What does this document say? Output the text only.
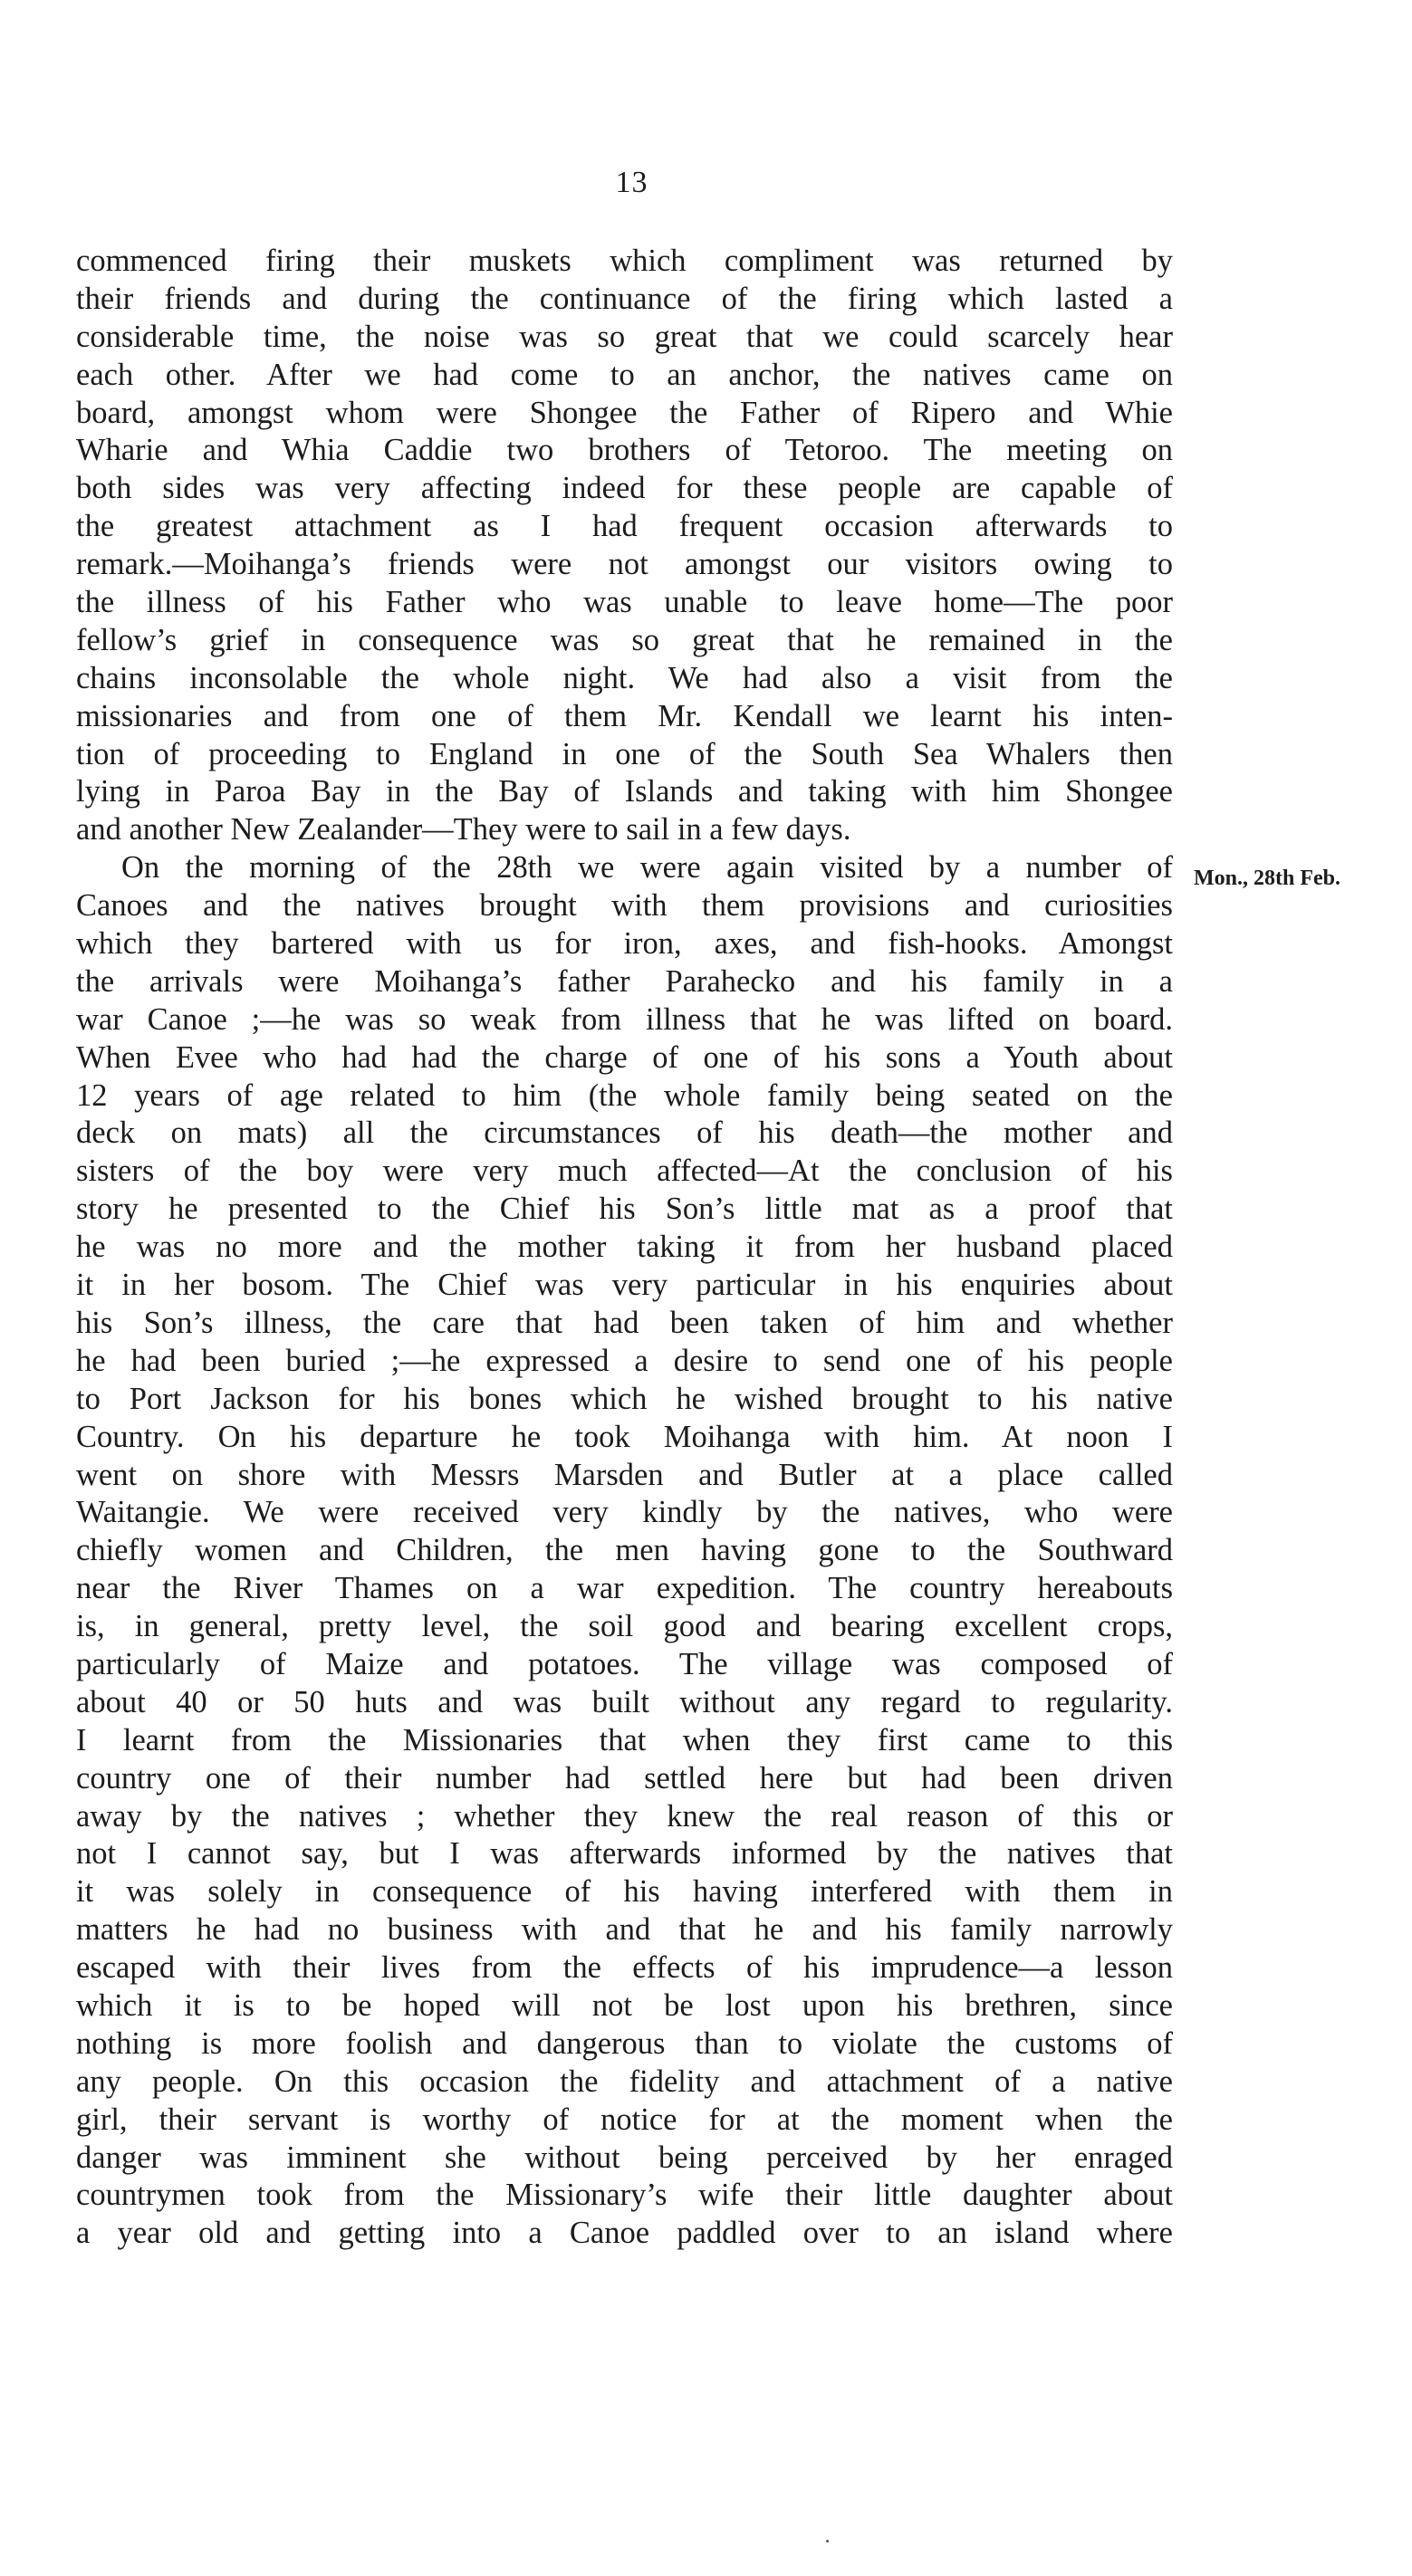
13
commenced firing their muskets which compliment was returned by
their friends and during the continuance of the firing which lasted a
considerable time, the noise was so great that we could scarcely hear
each other. After we had come to an anchor, the natives came on
board, amongst whom were Shongee the Father of Ripero and Whie
Wharie and Whia Caddie two brothers of Tetoroo. The meeting on
both sides was very affecting indeed for these people are capable of
the greatest attachment as I had frequent occasion afterwards to
remark.—Moihanga’s friends were not amongst our visitors owing to
the illness of his Father who was unable to leave home—The poor
fellow’s grief in consequence was so great that he remained in the
chains inconsolable the whole night. We had also a visit from the
missionaries and from one of them Mr. Kendall we learnt his inten-
tion of proceeding to England in one of the South Sea Whalers then
lying in Paroa Bay in the Bay of Islands and taking with him Shongee
and another New Zealander—They were to sail in a few days.
On the morning of the 28th we were again visited by a number of
Canoes and the natives brought with them provisions and curiosities
which they bartered with us for iron, axes, and fish-hooks. Amongst
the arrivals were Moihanga’s father Parahecko and his family in a
war Canoe ;—he was so weak from illness that he was lifted on board.
When Evee who had had the charge of one of his sons a Youth about
12 years of age related to him (the whole family being seated on the
deck on mats) all the circumstances of his death—the mother and
sisters of the boy were very much affected—At the conclusion of his
story he presented to the Chief his Son’s little mat as a proof that
he was no more and the mother taking it from her husband placed
it in her bosom. The Chief was very particular in his enquiries about
his Son’s illness, the care that had been taken of him and whether
he had been buried ;—he expressed a desire to send one of his people
to Port Jackson for his bones which he wished brought to his native
Country. On his departure he took Moihanga with him. At noon I
went on shore with Messrs Marsden and Butler at a place called
Waitangie. We were received very kindly by the natives, who were
chiefly women and Children, the men having gone to the Southward
near the River Thames on a war expedition. The country hereabouts
is, in general, pretty level, the soil good and bearing excellent crops,
particularly of Maize and potatoes. The village was composed of
about 40 or 50 huts and was built without any regard to regularity.
I learnt from the Missionaries that when they first came to this
country one of their number had settled here but had been driven
away by the natives ; whether they knew the real reason of this or
not I cannot say, but I was afterwards informed by the natives that
it was solely in consequence of his having interfered with them in
matters he had no business with and that he and his family narrowly
escaped with their lives from the effects of his imprudence—a lesson
which it is to be hoped will not be lost upon his brethren, since
nothing is more foolish and dangerous than to violate the customs of
any people. On this occasion the fidelity and attachment of a native
girl, their servant is worthy of notice for at the moment when the
danger was imminent she without being perceived by her enraged
countrymen took from the Missionary’s wife their little daughter about
a year old and getting into a Canoe paddled over to an island where
Mon., 28th Feb.
